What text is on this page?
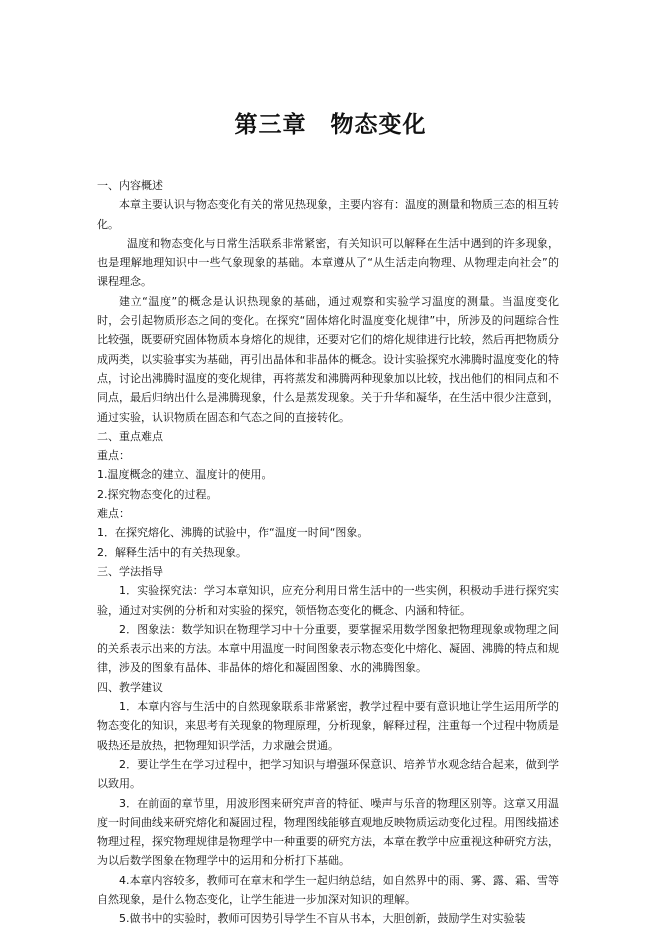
第三章　物态变化

一、内容概述

本章主要认识与物态变化有关的常见热现象，主要内容有：温度的测量和物质三态的相互转化。

温度和物态变化与日常生活联系非常紧密，有关知识可以解释在生活中遇到的许多现象，也是理解地理知识中一些气象现象的基础。本章遵从了“从生活走向物理、从物理走向社会”的课程理念。

建立“温度”的概念是认识热现象的基础，通过观察和实验学习温度的测量。当温度变化时，会引起物质形态之间的变化。在探究“固体熔化时温度变化规律”中，所涉及的问题综合性比较强，既要研究固体物质本身熔化的规律，还要对它们的熔化规律进行比较，然后再把物质分成两类，以实验事实为基础，再引出晶体和非晶体的概念。设计实验探究水沸腾时温度变化的特点，讨论出沸腾时温度的变化规律，再将蒸发和沸腾两种现象加以比较，找出他们的相同点和不同点，最后归纳出什么是沸腾现象，什么是蒸发现象。关于升华和凝华，在生活中很少注意到，通过实验，认识物质在固态和气态之间的直接转化。

二、重点难点

重点：

1.温度概念的建立、温度计的使用。

2.探究物态变化的过程。

难点：

1．在探究熔化、沸腾的试验中，作“温度一时间“图象。

2．解释生活中的有关热现象。

三、学法指导

1．实验探究法：学习本章知识，应充分利用日常生活中的一些实例，积极动手进行探究实验，通过对实例的分析和对实验的探究，领悟物态变化的概念、内涵和特征。

2．图象法：数学知识在物理学习中十分重要，要掌握采用数学图象把物理现象或物理之间的关系表示出来的方法。本章中用温度一时间图象表示物态变化中熔化、凝固、沸腾的特点和规律，涉及的图象有晶体、非晶体的熔化和凝固图象、水的沸腾图象。

四、教学建议

1．本章内容与生活中的自然现象联系非常紧密，教学过程中要有意识地让学生运用所学的物态变化的知识，来思考有关现象的物理原理，分析现象，解释过程，注重每一个过程中物质是吸热还是放热，把物理知识学活，力求融会贯通。

2．要让学生在学习过程中，把学习知识与增强环保意识、培养节水观念结合起来，做到学以致用。

3．在前面的章节里，用波形图来研究声音的特征、噪声与乐音的物理区别等。这章又用温度一时间曲线来研究熔化和凝固过程，物理图线能够直观地反映物质运动变化过程。用图线描述物理过程，探究物理规律是物理学中一种重要的研究方法，本章在教学中应重视这种研究方法，为以后数学图象在物理学中的运用和分析打下基础。

4.本章内容较多，教师可在章末和学生一起归纳总结，如自然界中的雨、雾、露、霜、雪等自然现象，是什么物态变化，让学生能进一步加深对知识的理解。

5.做书中的实验时，教师可因势引导学生不盲从书本，大胆创新，鼓励学生对实验装
